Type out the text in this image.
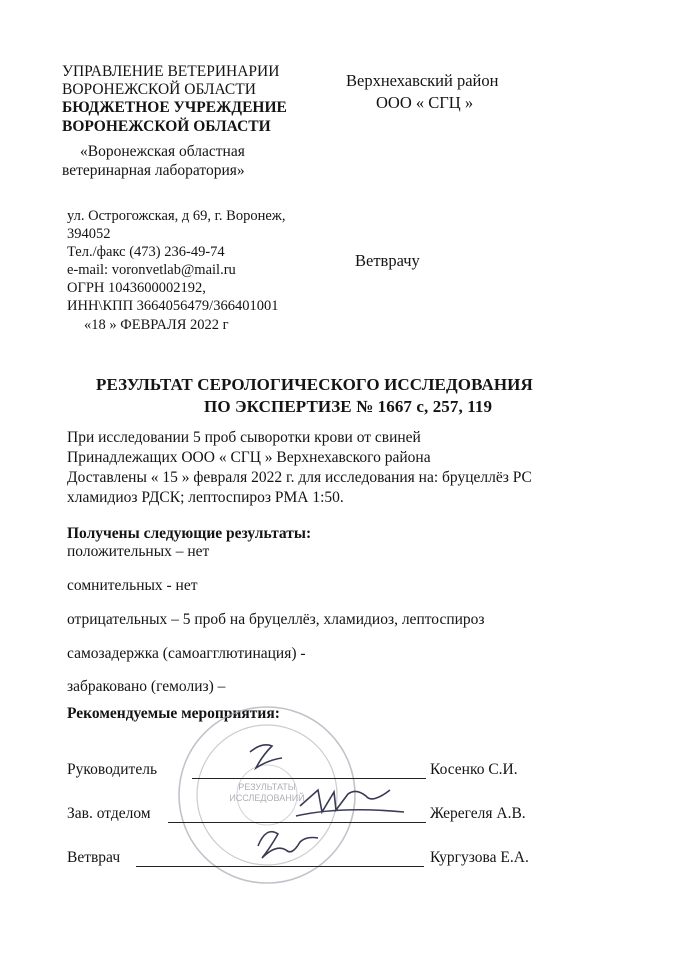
УПРАВЛЕНИЕ ВЕТЕРИНАРИИ
ВОРОНЕЖСКОЙ ОБЛАСТИ
БЮДЖЕТНОЕ УЧРЕЖДЕНИЕ
ВОРОНЕЖСКОЙ ОБЛАСТИ
«Воронежская областная
ветеринарная лаборатория»
Верхнехавский район
ООО « СГЦ »
ул. Острогожская, д 69, г. Воронеж,
394052
Тел./факс (473) 236-49-74
e-mail: voronvetlab@mail.ru
ОГРН 1043600002192,
ИНН\КПП 3664056479/366401001
«18 » ФЕВРАЛЯ 2022 г
Ветврачу
РЕЗУЛЬТАТ СЕРОЛОГИЧЕСКОГО ИССЛЕДОВАНИЯ
ПО ЭКСПЕРТИЗЕ № 1667 с, 257, 119
При исследовании 5 проб сыворотки крови от свиней
Принадлежащих ООО « СГЦ » Верхнехавского района
Доставлены « 15 » февраля 2022 г. для исследования на: бруцеллёз РС
хламидиоз РДСК; лептоспироз РМА 1:50.
Получены следующие результаты:
положительных – нет
сомнительных - нет
отрицательных – 5 проб на бруцеллёз, хламидиоз, лептоспироз
самозадержка (самоагглютинация) -
забраковано (гемолиз) –
Рекомендуемые мероприятия:
РЕЗУЛЬТАТЫ
ИССЛЕДОВАНИЙ
Руководитель	Косенко С.И.
Зав. отделом	Жерегеля А.В.
Ветврач	Кургузова Е.А.
